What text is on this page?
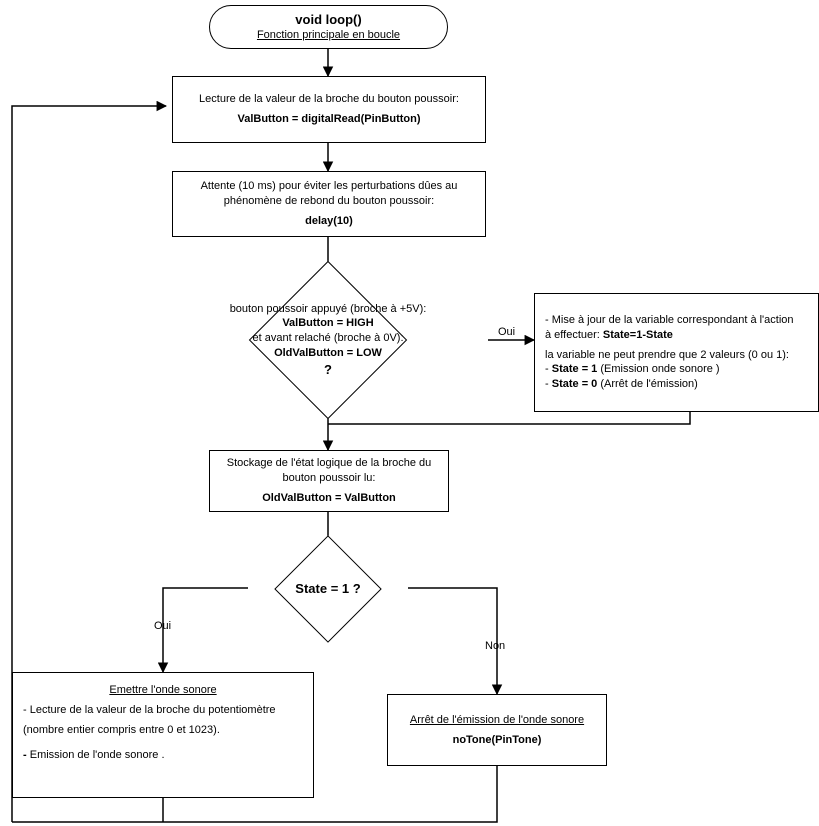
void loop()
Fonction principale en boucle
Lecture de la valeur de la broche du bouton poussoir:
ValButton = digitalRead(PinButton)
Attente (10 ms) pour éviter les perturbations dûes au
phénomène de rebond du bouton poussoir:
delay(10)
bouton poussoir appuyé (broche à +5V):
ValButton = HIGH
et avant relaché (broche à 0V):
OldValButton = LOW
?
- Mise à jour de la variable correspondant à l'action
à effectuer: State=1-State
la variable ne peut prendre que 2 valeurs (0 ou 1):
- State = 1 (Emission onde sonore )
- State = 0 (Arrêt de l'émission)
Oui
Stockage de l'état logique de la broche du
bouton poussoir lu:
OldValButton = ValButton
State = 1 ?
Oui
Non
Emettre l'onde sonore
- Lecture de la valeur de la broche du potentiomètre
(nombre entier compris entre 0 et 1023).
- Emission de l'onde sonore .
Arrêt de l'émission de l'onde sonore
noTone(PinTone)
